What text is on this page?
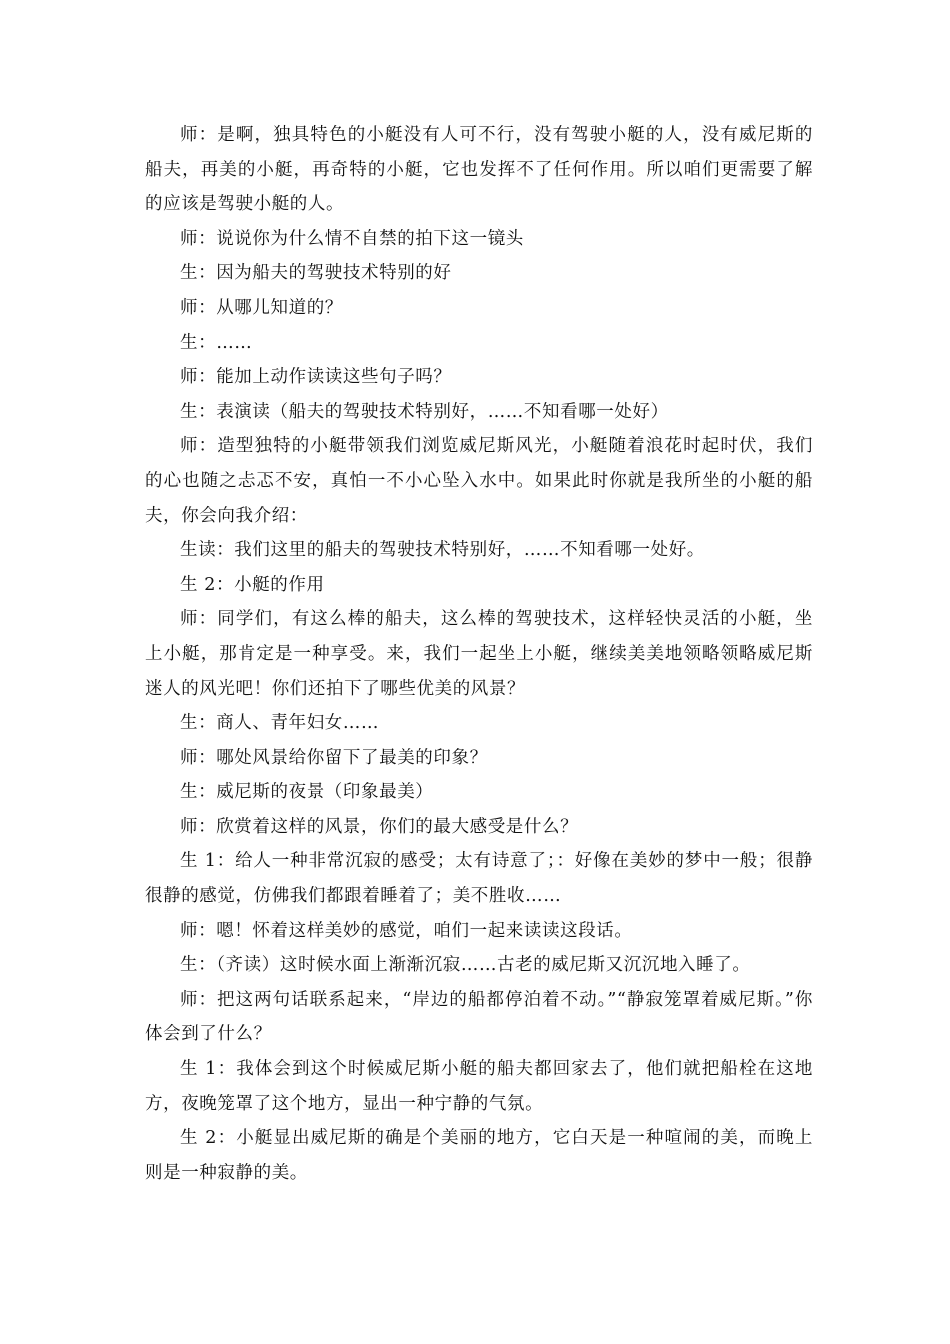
师：是啊，独具特色的小艇没有人可不行，没有驾驶小艇的人，没有威尼斯的船夫，再美的小艇，再奇特的小艇，它也发挥不了任何作用。所以咱们更需要了解的应该是驾驶小艇的人。

师：说说你为什么情不自禁的拍下这一镜头

生：因为船夫的驾驶技术特别的好

师：从哪儿知道的？

生：……

师：能加上动作读读这些句子吗？

生：表演读（船夫的驾驶技术特别好，……不知看哪一处好）

师：造型独特的小艇带领我们浏览威尼斯风光，小艇随着浪花时起时伏，我们的心也随之忐忑不安，真怕一不小心坠入水中。如果此时你就是我所坐的小艇的船夫，你会向我介绍：

生读：我们这里的船夫的驾驶技术特别好，……不知看哪一处好。

生 2：小艇的作用

师：同学们，有这么棒的船夫，这么棒的驾驶技术，这样轻快灵活的小艇，坐上小艇，那肯定是一种享受。来，我们一起坐上小艇，继续美美地领略领略威尼斯迷人的风光吧！你们还拍下了哪些优美的风景？

生：商人、青年妇女……

师：哪处风景给你留下了最美的印象？

生：威尼斯的夜景（印象最美）

师：欣赏着这样的风景，你们的最大感受是什么？

生 1：给人一种非常沉寂的感受；太有诗意了；：好像在美妙的梦中一般；很静很静的感觉，仿佛我们都跟着睡着了；美不胜收……

师：嗯！怀着这样美妙的感觉，咱们一起来读读这段话。

生：（齐读）这时候水面上渐渐沉寂……古老的威尼斯又沉沉地入睡了。

师：把这两句话联系起来，“岸边的船都停泊着不动。”“静寂笼罩着威尼斯。”你体会到了什么？

生 1：我体会到这个时候威尼斯小艇的船夫都回家去了，他们就把船栓在这地方，夜晚笼罩了这个地方，显出一种宁静的气氛。

生 2：小艇显出威尼斯的确是个美丽的地方，它白天是一种喧闹的美，而晚上则是一种寂静的美。
